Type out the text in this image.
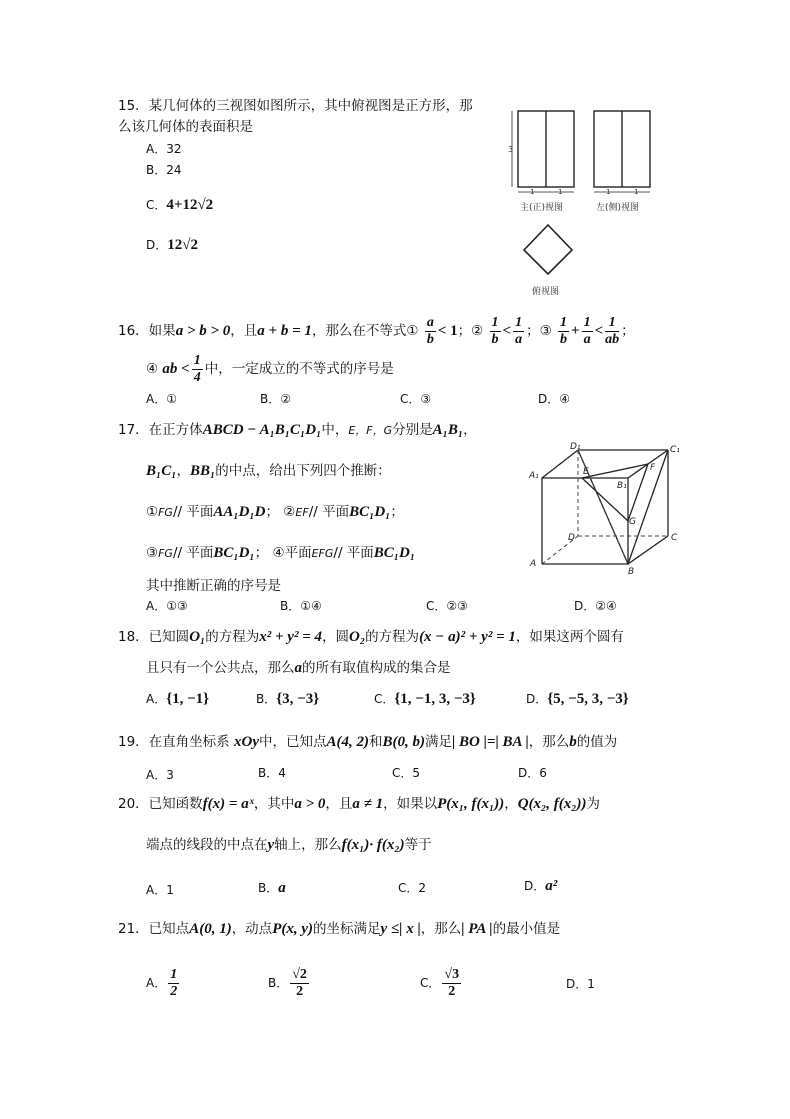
15．某几何体的三视图如图所示，其中俯视图是正方形，那
么该几何体的表面积是
A．32
B．24
C．4+12√2
D．12√2
3
1	1
主(正)视图
1	1
左(侧)视图
俯视图
16．如果a > b > 0，且a + b = 1，那么在不等式① $\frac{a}{b} < 1$；② $\frac{1}{b} < \frac{1}{a}$ ；③ $\frac{1}{b} + \frac{1}{a} < \frac{1}{ab}$ ；
④ ab < $\frac{1}{4}$ 中，一定成立的不等式的序号是
A．①	B．②	C．③	D．④
17．在正方体ABCD − A₁B₁C₁D₁中，E，F，G分别是A₁B₁，
B₁C₁，BB₁的中点，给出下列四个推断：
①FG// 平面AA₁D₁D； ②EF// 平面BC₁D₁；
③FG// 平面BC₁D₁； ④平面EFG// 平面BC₁D₁
其中推断正确的序号是
A．①③	B．①④	C．②③	D．②④
A
B
C
D
A₁
B₁
C₁
D₁
E	F
G
18．已知圆O₁的方程为x² + y² = 4，圆O₂的方程为(x − a)² + y² = 1，如果这两个圆有
且只有一个公共点，那么a的所有取值构成的集合是
A．{1, −1}	B．{3, −3}	C．{1, −1, 3, −3}	D．{5, −5, 3, −3}
19．在直角坐标系 xOy中，已知点A(4, 2)和B(0, b)满足| BO |=| BA |，那么b的值为
A．3	B．4	C．5	D．6
20．已知函数f(x) = aˣ，其中a > 0，且a ≠ 1，如果以P(x₁, f(x₁))，Q(x₂, f(x₂))为
端点的线段的中点在y轴上，那么f(x₁)· f(x₂)等于
A．1	B．a	C．2	D．a²
21．已知点A(0, 1)，动点P(x, y)的坐标满足y ≤| x |，那么| PA |的最小值是
A． $\frac{1}{2}$	B． $\frac{√2}{2}$	C． $\frac{√3}{2}$	D．1
